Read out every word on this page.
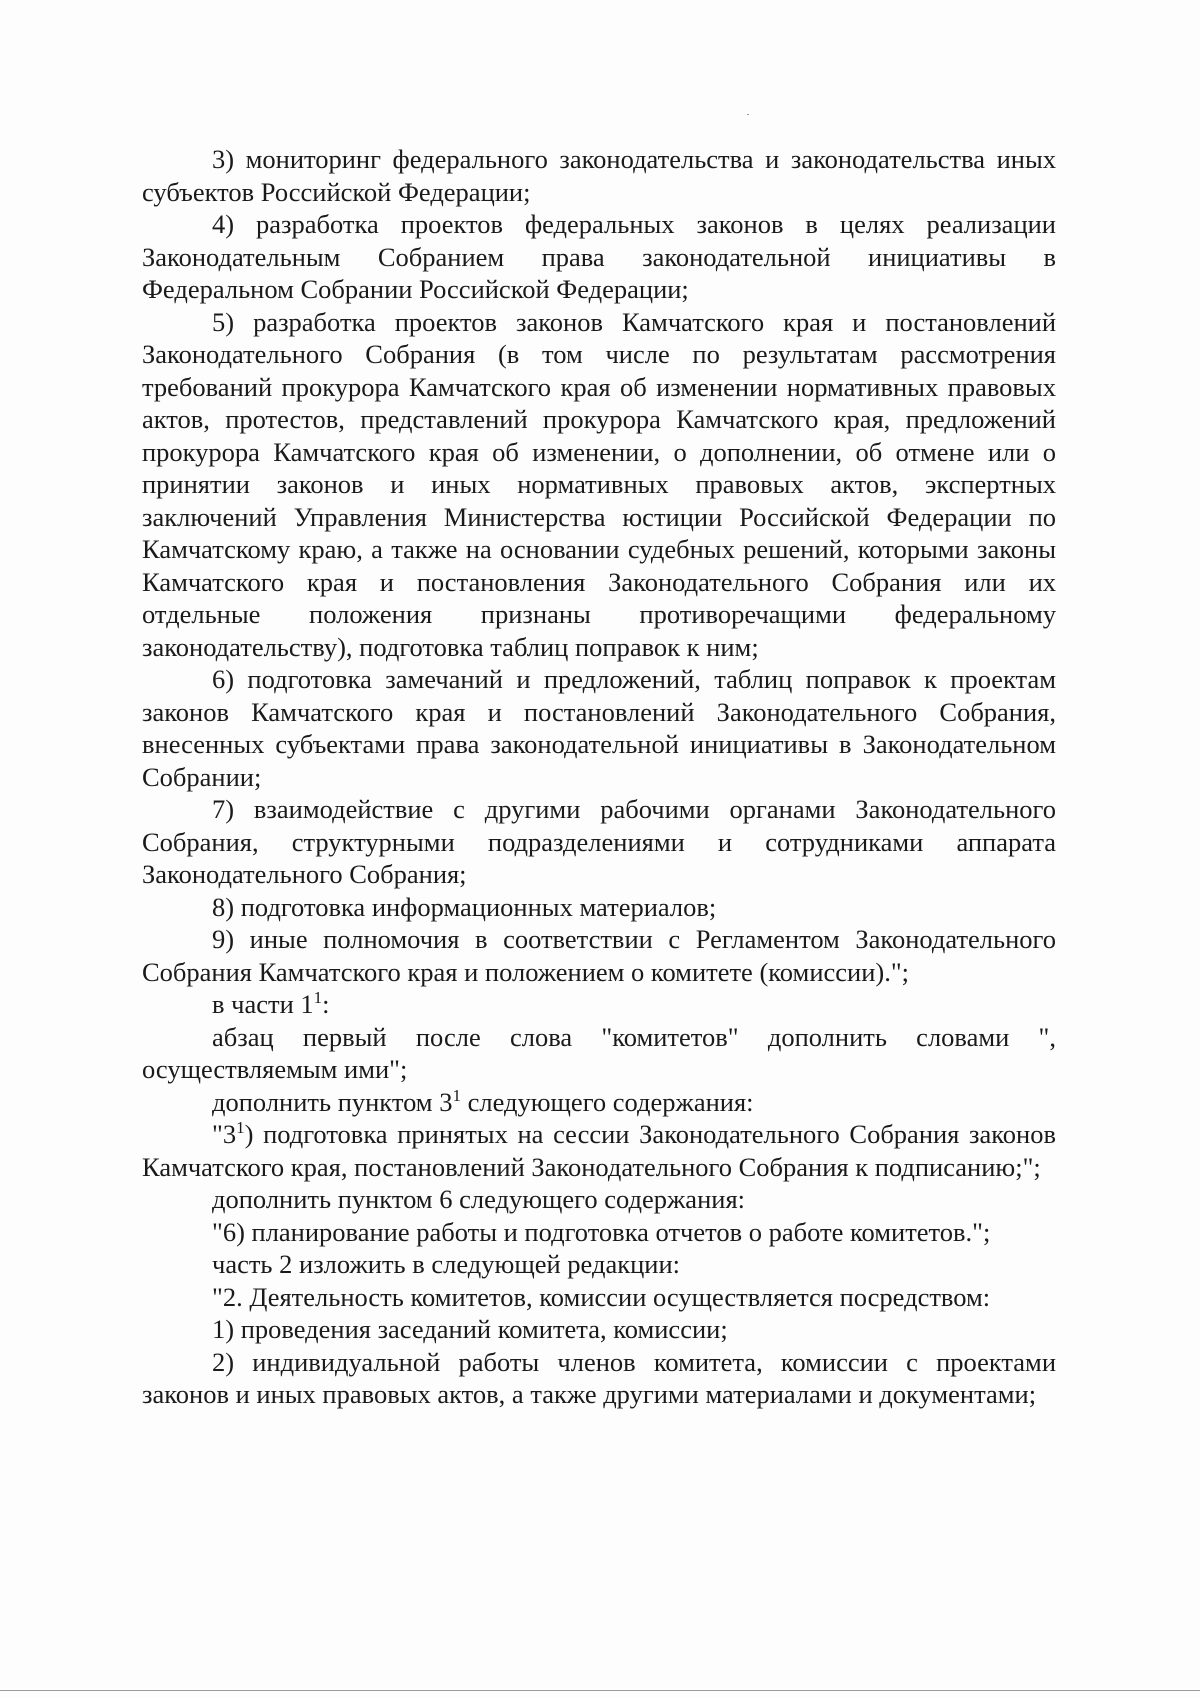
3) мониторинг федерального законодательства и законодательства иных субъектов Российской Федерации;

4) разработка проектов федеральных законов в целях реализации Законодательным Собранием права законодательной инициативы в Федеральном Собрании Российской Федерации;

5) разработка проектов законов Камчатского края и постановлений Законодательного Собрания (в том числе по результатам рассмотрения требований прокурора Камчатского края об изменении нормативных правовых актов, протестов, представлений прокурора Камчатского края, предложений прокурора Камчатского края об изменении, о дополнении, об отмене или о принятии законов и иных нормативных правовых актов, экспертных заключений Управления Министерства юстиции Российской Федерации по Камчатскому краю, а также на основании судебных решений, которыми законы Камчатского края и постановления Законодательного Собрания или их отдельные положения признаны противоречащими федеральному законодательству), подготовка таблиц поправок к ним;

6) подготовка замечаний и предложений, таблиц поправок к проектам законов Камчатского края и постановлений Законодательного Собрания, внесенных субъектами права законодательной инициативы в Законодательном Собрании;

7) взаимодействие с другими рабочими органами Законодательного Собрания, структурными подразделениями и сотрудниками аппарата Законодательного Собрания;

8) подготовка информационных материалов;

9) иные полномочия в соответствии с Регламентом Законодательного Собрания Камчатского края и положением о комитете (комиссии).";

в части $1^1$:

абзац первый после слова "комитетов" дополнить словами ", осуществляемым ими";

дополнить пунктом $3^1$ следующего содержания:

"$3^1$) подготовка принятых на сессии Законодательного Собрания законов Камчатского края, постановлений Законодательного Собрания к подписанию;";

дополнить пунктом 6 следующего содержания:

"6) планирование работы и подготовка отчетов о работе комитетов.";

часть 2 изложить в следующей редакции:

"2. Деятельность комитетов, комиссии осуществляется посредством:

1) проведения заседаний комитета, комиссии;

2) индивидуальной работы членов комитета, комиссии с проектами законов и иных правовых актов, а также другими материалами и документами;
